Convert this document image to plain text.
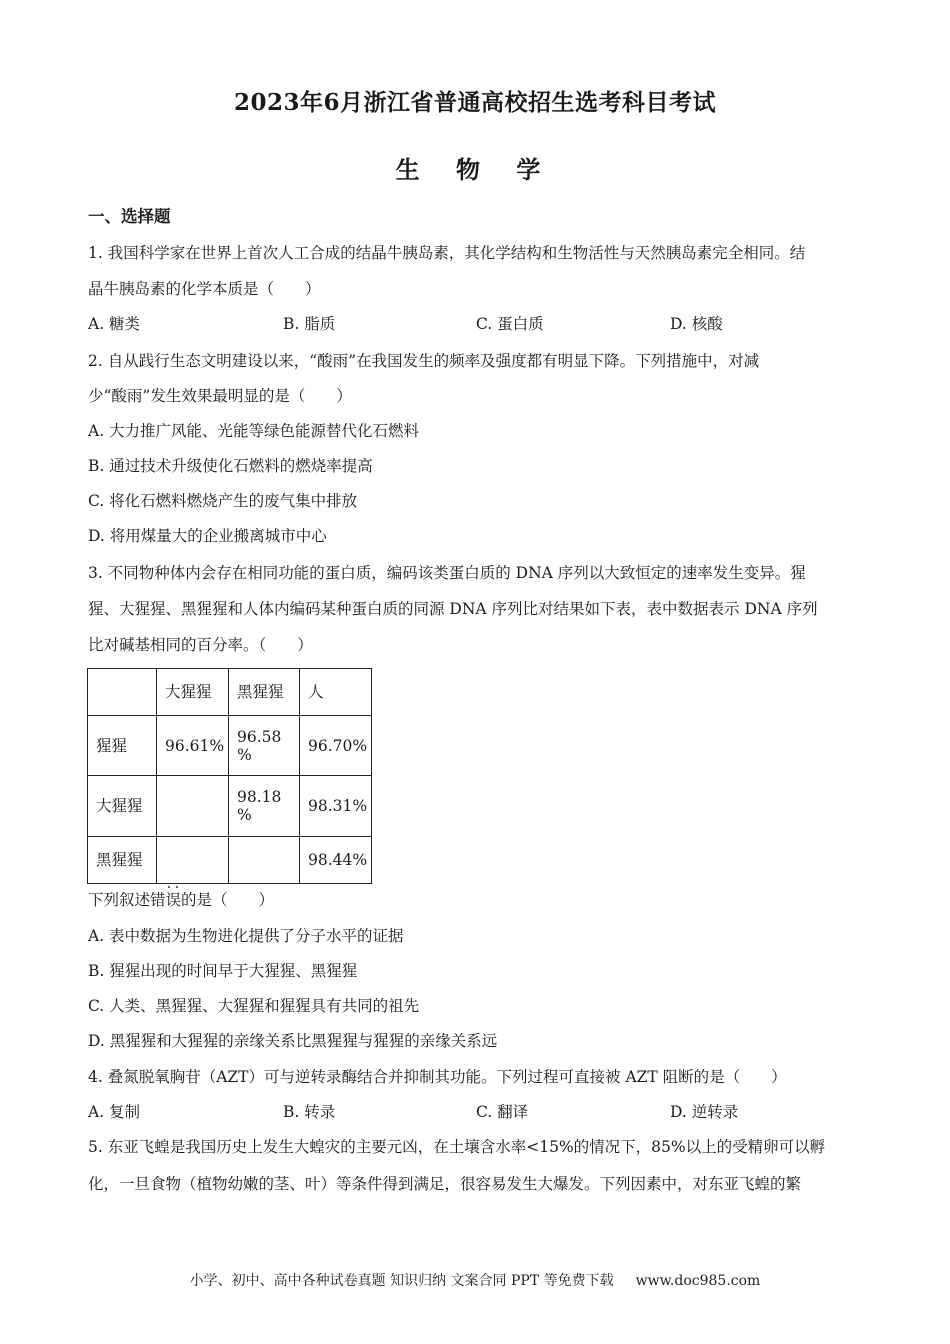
2023年6月浙江省普通高校招生选考科目考试
生 物 学
一、选择题
1. 我国科学家在世界上首次人工合成的结晶牛胰岛素，其化学结构和生物活性与天然胰岛素完全相同。结
晶牛胰岛素的化学本质是（　　）
A. 糖类	B. 脂质	C. 蛋白质	D. 核酸
2. 自从践行生态文明建设以来，“酸雨”在我国发生的频率及强度都有明显下降。下列措施中，对减
少“酸雨”发生效果最明显的是（　　）
A. 大力推广风能、光能等绿色能源替代化石燃料
B. 通过技术升级使化石燃料的燃烧率提高
C. 将化石燃料燃烧产生的废气集中排放
D. 将用煤量大的企业搬离城市中心
3. 不同物种体内会存在相同功能的蛋白质，编码该类蛋白质的 DNA 序列以大致恒定的速率发生变异。猩
猩、大猩猩、黑猩猩和人体内编码某种蛋白质的同源 DNA 序列比对结果如下表，表中数据表示 DNA 序列
比对碱基相同的百分率。（　　）
	大猩猩	黑猩猩	人
猩猩	96.61%	96.58
%	96.70%
大猩猩		98.18
%	98.31%
黑猩猩			98.44%
下列叙述错误的是（　　）
A. 表中数据为生物进化提供了分子水平的证据
B. 猩猩出现的时间早于大猩猩、黑猩猩
C. 人类、黑猩猩、大猩猩和猩猩具有共同的祖先
D. 黑猩猩和大猩猩的亲缘关系比黑猩猩与猩猩的亲缘关系远
4. 叠氮脱氧胸苷（AZT）可与逆转录酶结合并抑制其功能。下列过程可直接被 AZT 阻断的是（　　）
A. 复制	B. 转录	C. 翻译	D. 逆转录
5. 东亚飞蝗是我国历史上发生大蝗灾的主要元凶，在土壤含水率<15%的情况下，85%以上的受精卵可以孵
化，一旦食物（植物幼嫩的茎、叶）等条件得到满足，很容易发生大爆发。下列因素中，对东亚飞蝗的繁
小学、初中、高中各种试卷真题 知识归纳 文案合同 PPT 等免费下载 www.doc985.com
